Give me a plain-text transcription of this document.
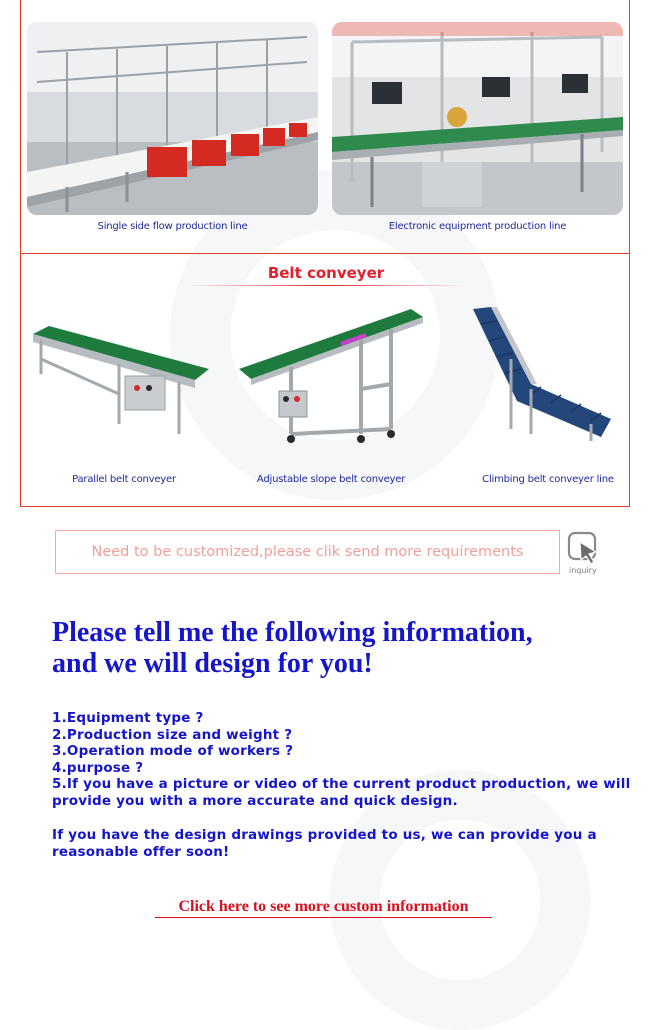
Single side flow production line	Electronic equipment production line
Belt conveyer
Parallel belt conveyer	Adjustable slope belt conveyer	Climbing belt conveyer line
Need to be customized,please clik send more requirements
inquiry
Please tell me the following information,
and we will design for you!
1.Equipment type ?
2.Production size and weight ?
3.Operation mode of workers ?
4.purpose ?
5.If you have a picture or video of the current product production, we will provide you with a more accurate and quick design.
If you have the design drawings provided to us, we can provide you a reasonable offer soon!
Click here to see more custom information
